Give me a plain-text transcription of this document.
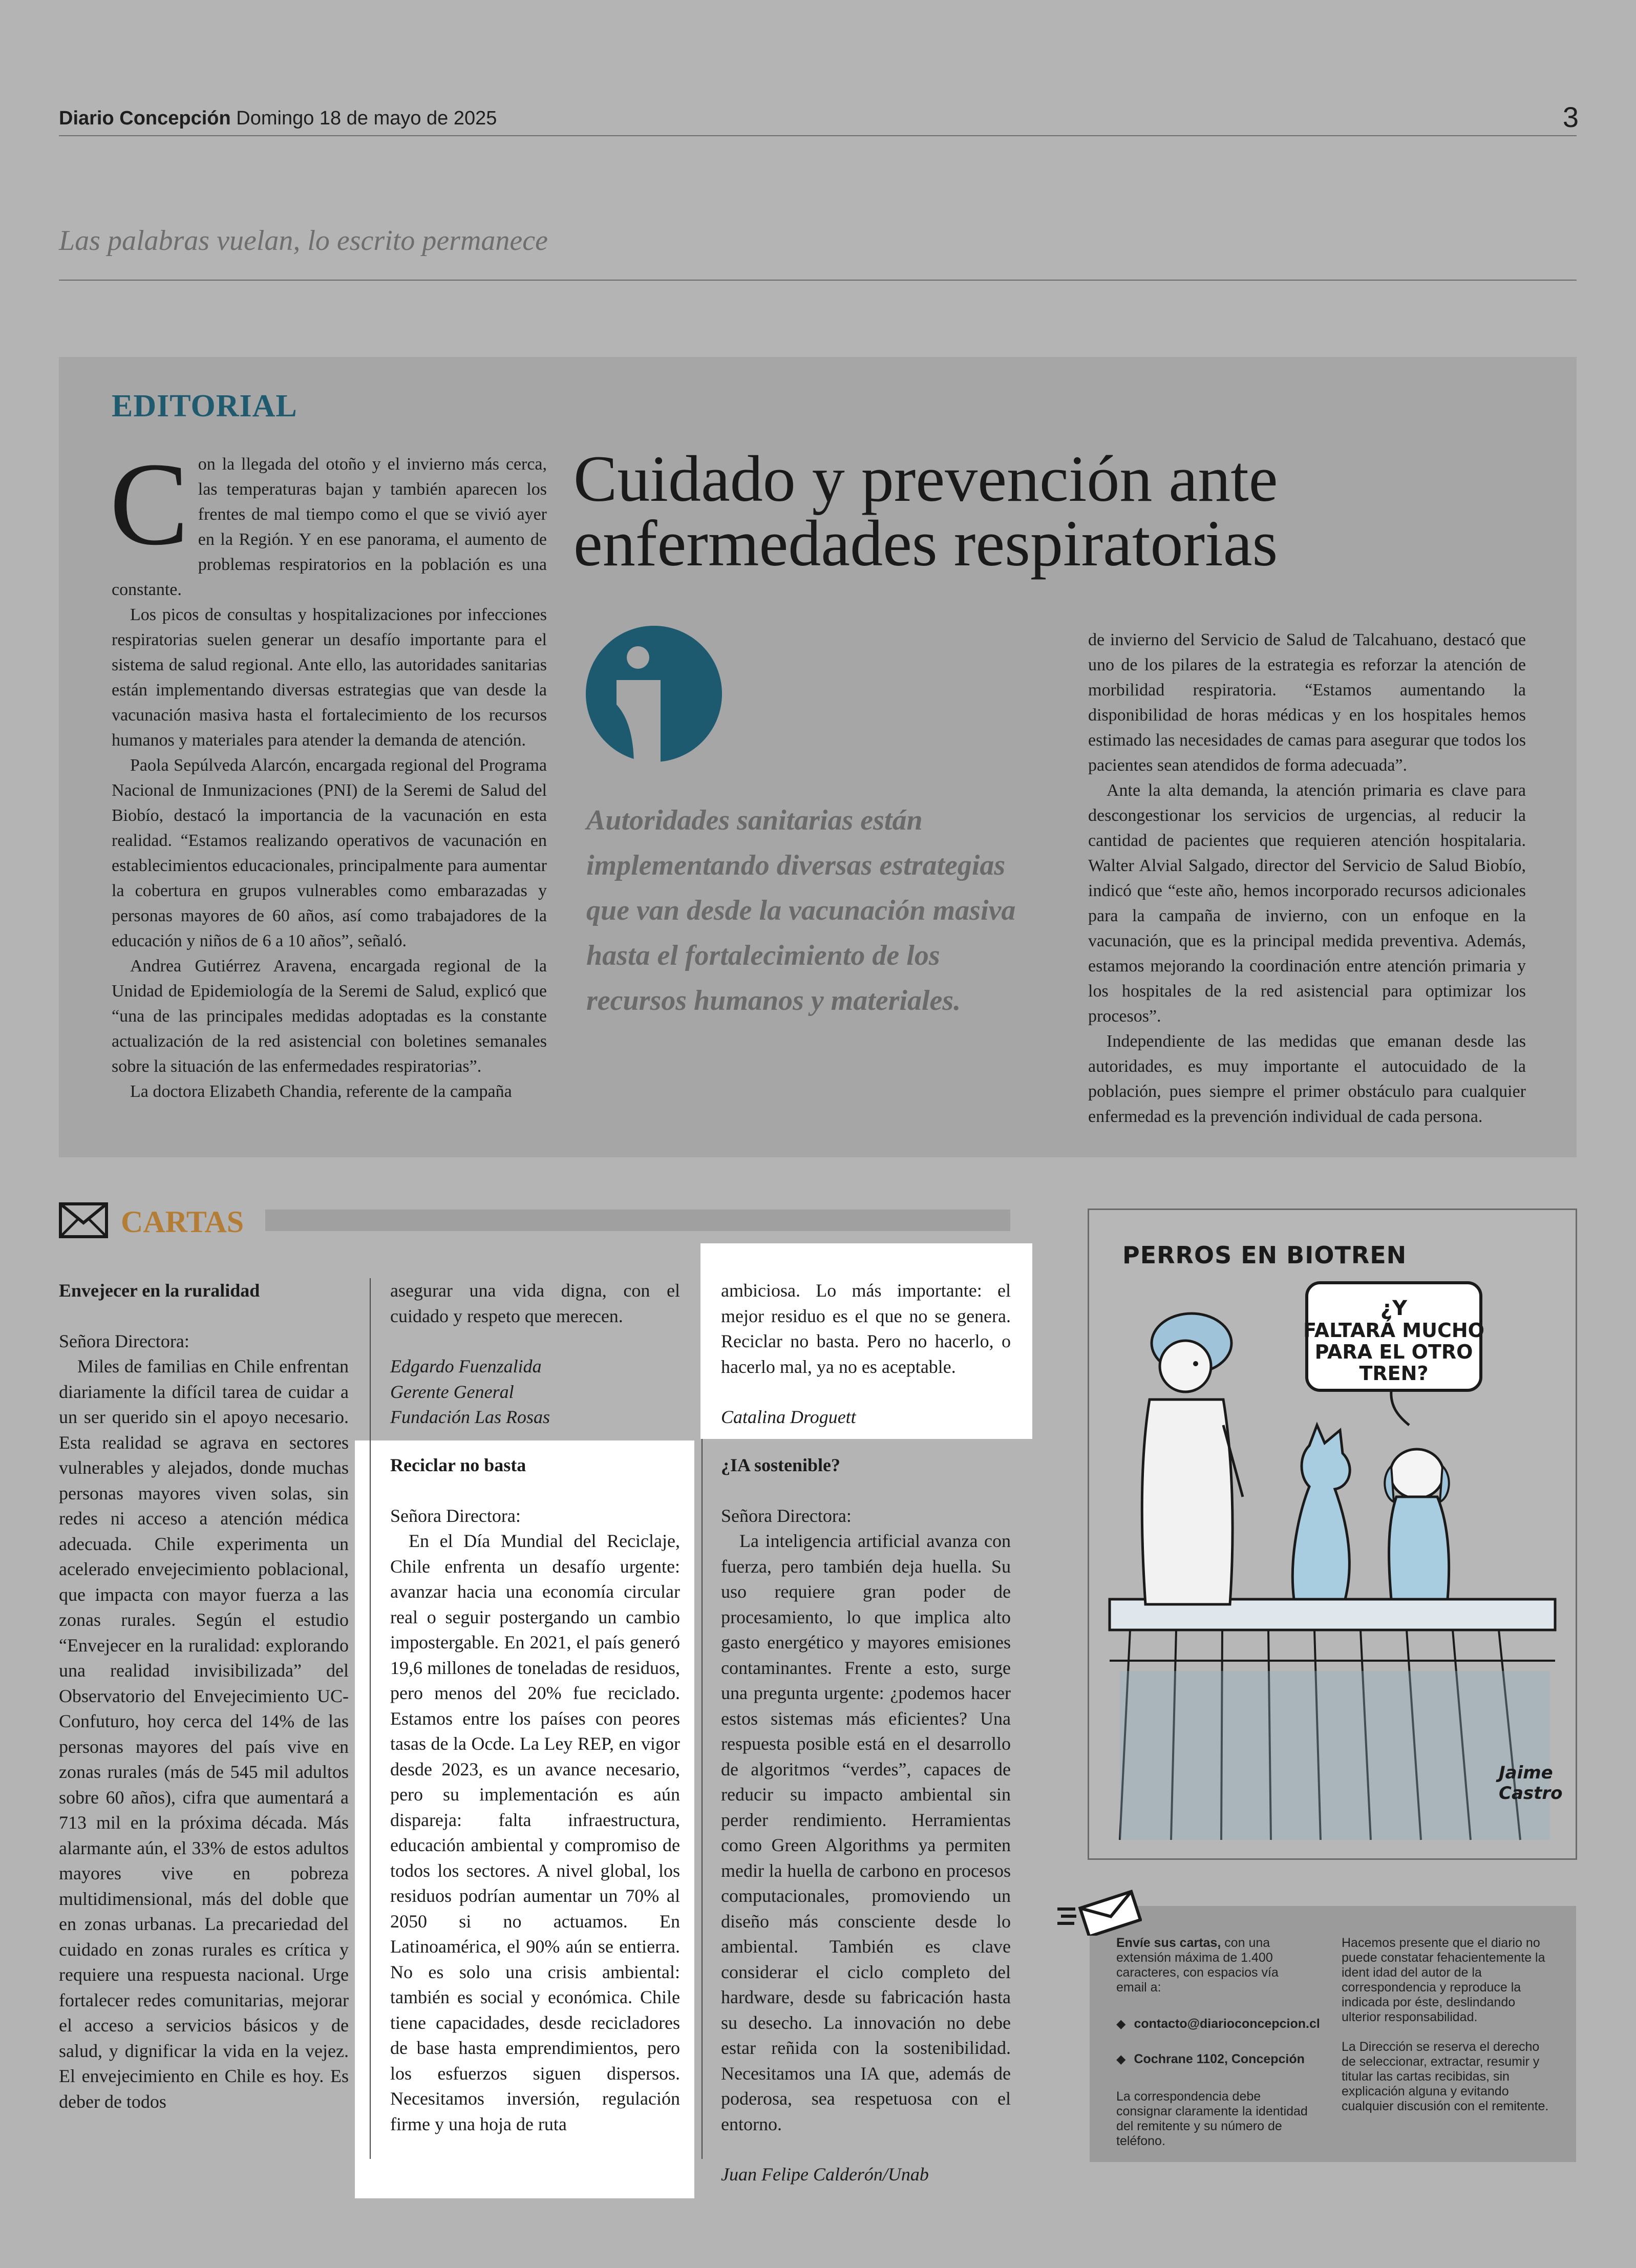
Diario Concepción Domingo 18 de mayo de 2025	3
Las palabras vuelan, lo escrito permanece
EDITORIAL
Cuidado y prevención ante
enfermedades respiratorias
C on la llegada del otoño y el invierno más cerca, las temperaturas bajan y también aparecen los frentes de mal tiempo como el que se vivió ayer en la Región. Y en ese panorama, el aumento de problemas respiratorios en la población es una constante.

Los picos de consultas y hospitalizaciones por infecciones respiratorias suelen generar un desafío importante para el sistema de salud regional. Ante ello, las autoridades sanitarias están implementando diversas estrategias que van desde la vacunación masiva hasta el fortalecimiento de los recursos humanos y materiales para atender la demanda de atención.

Paola Sepúlveda Alarcón, encargada regional del Programa Nacional de Inmunizaciones (PNI) de la Seremi de Salud del Biobío, destacó la importancia de la vacunación en esta realidad. “Estamos realizando operativos de vacunación en establecimientos educacionales, principalmente para aumentar la cobertura en grupos vulnerables como embarazadas y personas mayores de 60 años, así como trabajadores de la educación y niños de 6 a 10 años”, señaló.

Andrea Gutiérrez Aravena, encargada regional de la Unidad de Epidemiología de la Seremi de Salud, explicó que “una de las principales medidas adoptadas es la constante actualización de la red asistencial con boletines semanales sobre la situación de las enfermedades respiratorias”.

La doctora Elizabeth Chandia, referente de la campaña

Autoridades sanitarias están implementando diversas estrategias que van desde la vacunación masiva hasta el fortalecimiento de los recursos humanos y materiales.

de invierno del Servicio de Salud de Talcahuano, destacó que uno de los pilares de la estrategia es reforzar la atención de morbilidad respiratoria. “Estamos aumentando la disponibilidad de horas médicas y en los hospitales hemos estimado las necesidades de camas para asegurar que todos los pacientes sean atendidos de forma adecuada”.

Ante la alta demanda, la atención primaria es clave para descongestionar los servicios de urgencias, al reducir la cantidad de pacientes que requieren atención hospitalaria. Walter Alvial Salgado, director del Servicio de Salud Biobío, indicó que “este año, hemos incorporado recursos adicionales para la campaña de invierno, con un enfoque en la vacunación, que es la principal medida preventiva. Además, estamos mejorando la coordinación entre atención primaria y los hospitales de la red asistencial para optimizar los procesos”.

Independiente de las medidas que emanan desde las autoridades, es muy importante el autocuidado de la población, pues siempre el primer obstáculo para cualquier enfermedad es la prevención individual de cada persona.

CARTAS

Envejecer en la ruralidad

Señora Directora:

Miles de familias en Chile enfrentan diariamente la difícil tarea de cuidar a un ser querido sin el apoyo necesario. Esta realidad se agrava en sectores vulnerables y alejados, donde muchas personas mayores viven solas, sin redes ni acceso a atención médica adecuada. Chile experimenta un acelerado envejecimiento poblacional, que impacta con mayor fuerza a las zonas rurales. Según el estudio “Envejecer en la ruralidad: explorando una realidad invisibilizada” del Observatorio del Envejecimiento UC-Confuturo, hoy cerca del 14% de las personas mayores del país vive en zonas rurales (más de 545 mil adultos sobre 60 años), cifra que aumentará a 713 mil en la próxima década. Más alarmante aún, el 33% de estos adultos mayores vive en pobreza multidimensional, más del doble que en zonas urbanas. La precariedad del cuidado en zonas rurales es crítica y requiere una respuesta nacional. Urge fortalecer redes comunitarias, mejorar el acceso a servicios básicos y de salud, y dignificar la vida en la vejez. El envejecimiento en Chile es hoy. Es deber de todos

asegurar una vida digna, con el cuidado y respeto que merecen.

Edgardo Fuenzalida

Gerente General

Fundación Las Rosas

Reciclar no basta

Señora Directora:

En el Día Mundial del Reciclaje, Chile enfrenta un desafío urgente: avanzar hacia una economía circular real o seguir postergando un cambio impostergable. En 2021, el país generó 19,6 millones de toneladas de residuos, pero menos del 20% fue reciclado. Estamos entre los países con peores tasas de la Ocde. La Ley REP, en vigor desde 2023, es un avance necesario, pero su implementación es aún dispareja: falta infraestructura, educación ambiental y compromiso de todos los sectores. A nivel global, los residuos podrían aumentar un 70% al 2050 si no actuamos. En Latinoamérica, el 90% aún se entierra. No es solo una crisis ambiental: también es social y económica. Chile tiene capacidades, desde recicladores de base hasta emprendimientos, pero los esfuerzos siguen dispersos. Necesitamos inversión, regulación firme y una hoja de ruta

ambiciosa. Lo más importante: el mejor residuo es el que no se genera. Reciclar no basta. Pero no hacerlo, o hacerlo mal, ya no es aceptable.

Catalina Droguett

¿IA sostenible?

Señora Directora:

La inteligencia artificial avanza con fuerza, pero también deja huella. Su uso requiere gran poder de procesamiento, lo que implica alto gasto energético y mayores emisiones contaminantes. Frente a esto, surge una pregunta urgente: ¿podemos hacer estos sistemas más eficientes? Una respuesta posible está en el desarrollo de algoritmos “verdes”, capaces de reducir su impacto ambiental sin perder rendimiento. Herramientas como Green Algorithms ya permiten medir la huella de carbono en procesos computacionales, promoviendo un diseño más consciente desde lo ambiental. También es clave considerar el ciclo completo del hardware, desde su fabricación hasta su desecho. La innovación no debe estar reñida con la sostenibilidad. Necesitamos una IA que, además de poderosa, sea respetuosa con el entorno.

Juan Felipe Calderón/Unab

¿Y
FALTARÁ MUCHO
PARA EL OTRO
TREN?
Jaime
Castro
PERROS EN BIOTREN
Envíe sus cartas, con una extensión máxima de 1.400 caracteres, con espacios vía email a:
◆ contacto@diarioconcepcion.cl
◆ Cochrane 1102, Concepción
La correspondencia debe consignar claramente la identidad del remitente y su número de teléfono.
Hacemos presente que el diario no puede constatar fehacientemente la ident idad del autor de la correspondencia y reproduce la indicada por éste, deslindando ulterior responsabilidad.
La Dirección se reserva el derecho de seleccionar, extractar, resumir y titular las cartas recibidas, sin explicación alguna y evitando cualquier discusión con el remitente.
